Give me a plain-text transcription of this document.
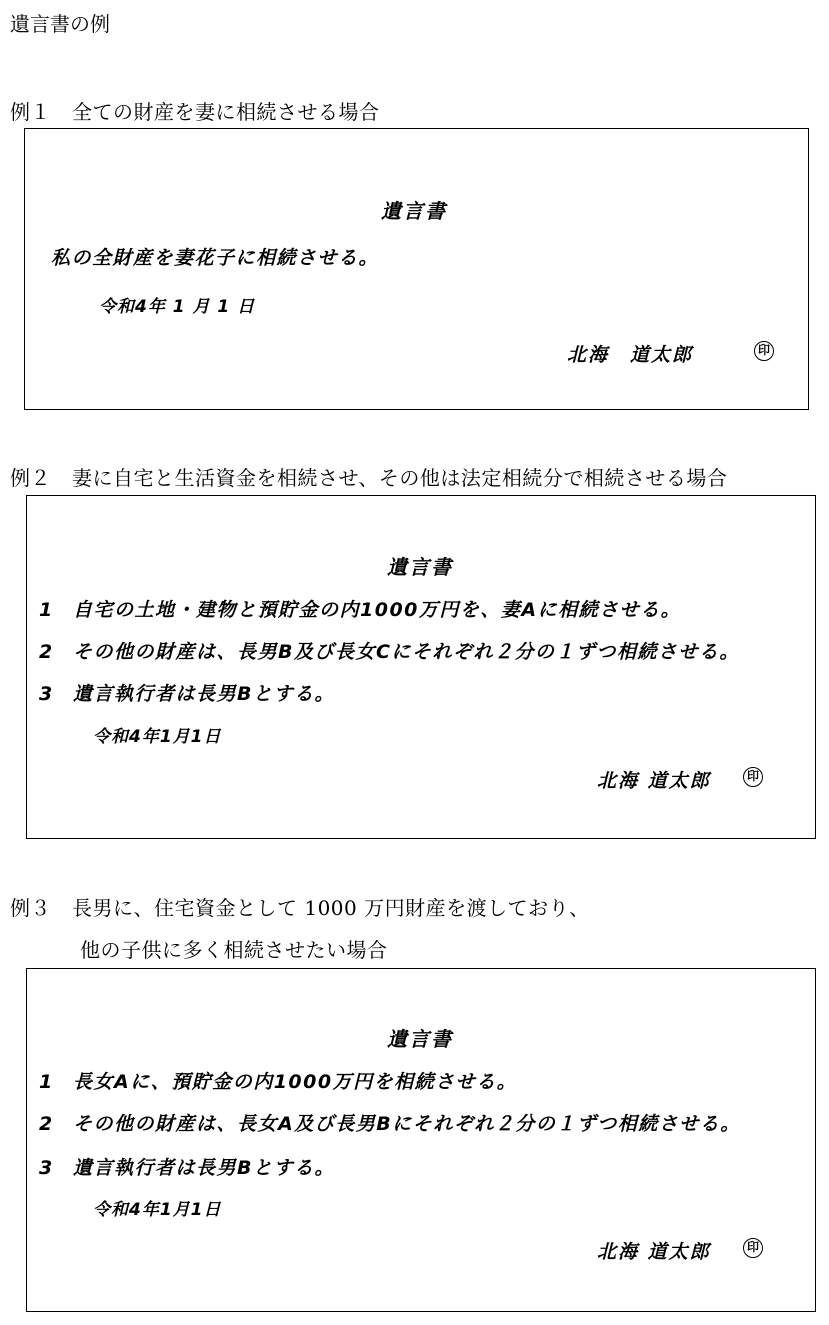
遺言書の例
例１ 全ての財産を妻に相続させる場合
遺言書
私の全財産を妻花子に相続させる。
令和4年 1 月 1 日
北海　道太郎	印
例２ 妻に自宅と生活資金を相続させ、その他は法定相続分で相続させる場合
遺言書
1 自宅の土地・建物と預貯金の内1000万円を、妻Aに相続させる。
2 その他の財産は、長男B及び長女Cにそれぞれ２分の１ずつ相続させる。
3 遺言執行者は長男Bとする。
令和4年1月1日
北海 道太郎	印
例３ 長男に、住宅資金として 1000 万円財産を渡しており、
他の子供に多く相続させたい場合
遺言書
1 長女Aに、預貯金の内1000万円を相続させる。
2 その他の財産は、長女A及び長男Bにそれぞれ２分の１ずつ相続させる。
3 遺言執行者は長男Bとする。
令和4年1月1日
北海 道太郎	印
